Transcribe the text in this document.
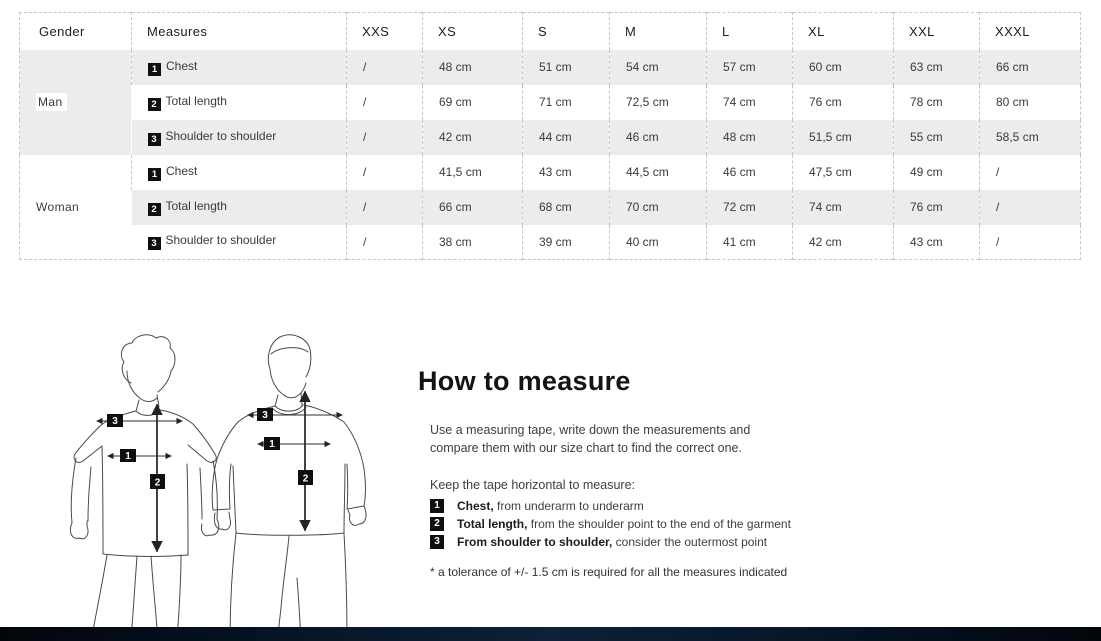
Gender	Measures	XXS	XS	S	M	L	XL	XXL	XXXL
Man	1 Chest	/	48 cm	51 cm	54 cm	57 cm	60 cm	63 cm	66 cm
	2 Total length	/	69 cm	71 cm	72,5 cm	74 cm	76 cm	78 cm	80 cm
	3 Shoulder to shoulder	/	42 cm	44 cm	46 cm	48 cm	51,5 cm	55 cm	58,5 cm
Woman	1 Chest	/	41,5 cm	43 cm	44,5 cm	46 cm	47,5 cm	49 cm	/
	2 Total length	/	66 cm	68 cm	70 cm	72 cm	74 cm	76 cm	/
	3 Shoulder to shoulder	/	38 cm	39 cm	40 cm	41 cm	42 cm	43 cm	/
3
1
2
3
1
2
How to measure
Use a measuring tape, write down the measurements and
compare them with our size chart to find the correct one.
Keep the tape horizontal to measure:
1	Chest, from underarm to underarm
2	Total length, from the shoulder point to the end of the garment
3	From shoulder to shoulder, consider the outermost point
* a tolerance of +/- 1.5 cm is required for all the measures indicated
